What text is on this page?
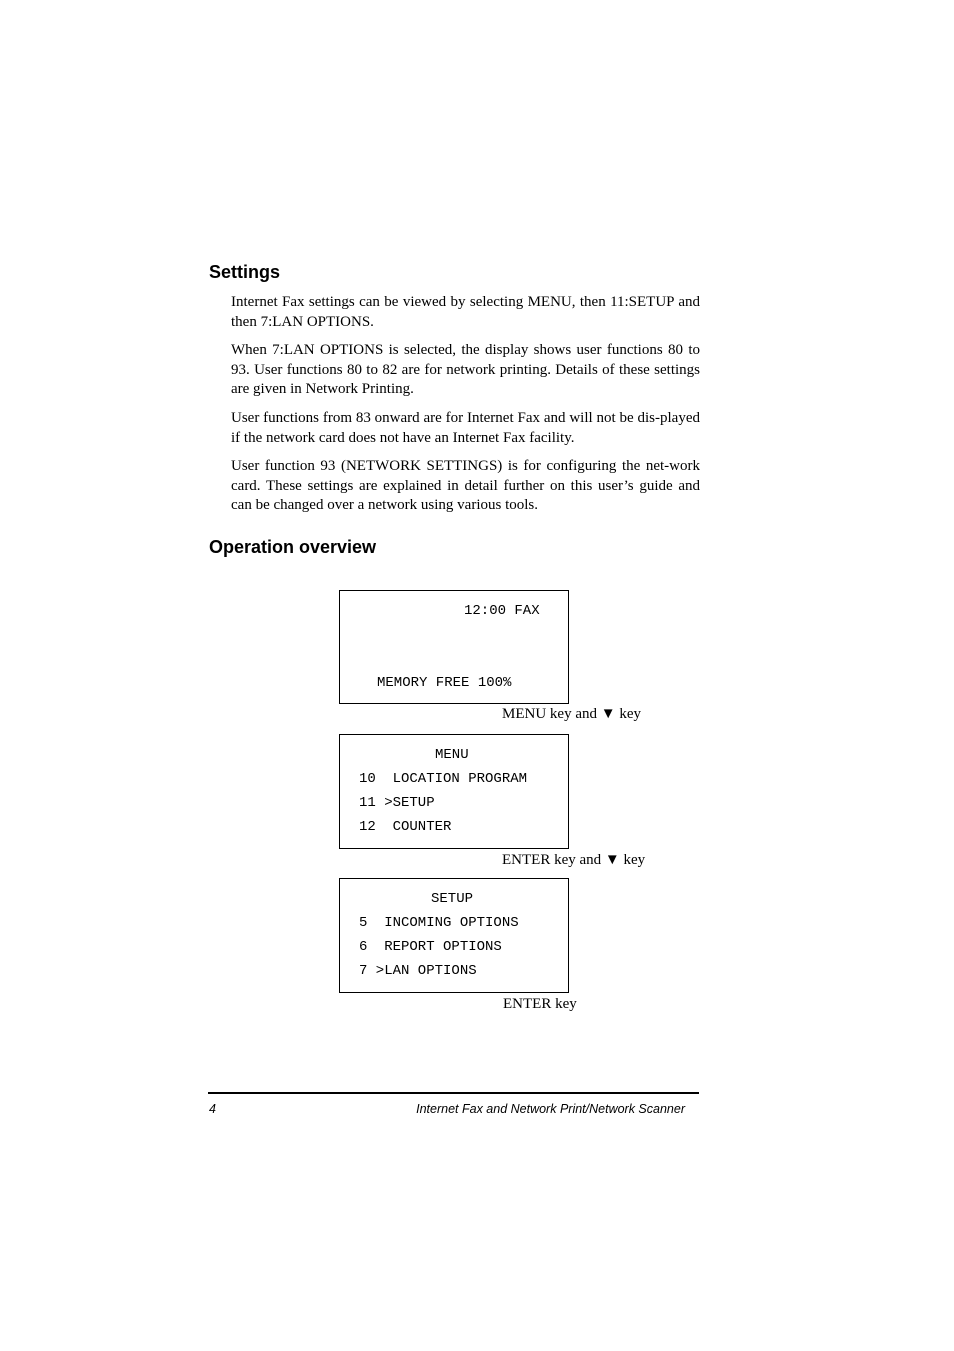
Settings

Internet Fax settings can be viewed by selecting MENU, then 11:SETUP and then 7:LAN OPTIONS.

When 7:LAN OPTIONS is selected, the display shows user functions 80 to 93. User functions 80 to 82 are for network printing. Details of these settings are given in Network Printing.

User functions from 83 onward are for Internet Fax and will not be dis-played if the network card does not have an Internet Fax facility.

User function 93 (NETWORK SETTINGS) is for configuring the net-work card. These settings are explained in detail further on this user’s guide and can be changed over a network using various tools.

Operation overview

12:00 FAX

MEMORY FREE 100%

MENU key and ▼ key

MENU

10  LOCATION PROGRAM

11 >SETUP

12  COUNTER

ENTER key and ▼ key

SETUP

5  INCOMING OPTIONS

6  REPORT OPTIONS

7 >LAN OPTIONS

ENTER key
4	Internet Fax and Network Print/Network Scanner
